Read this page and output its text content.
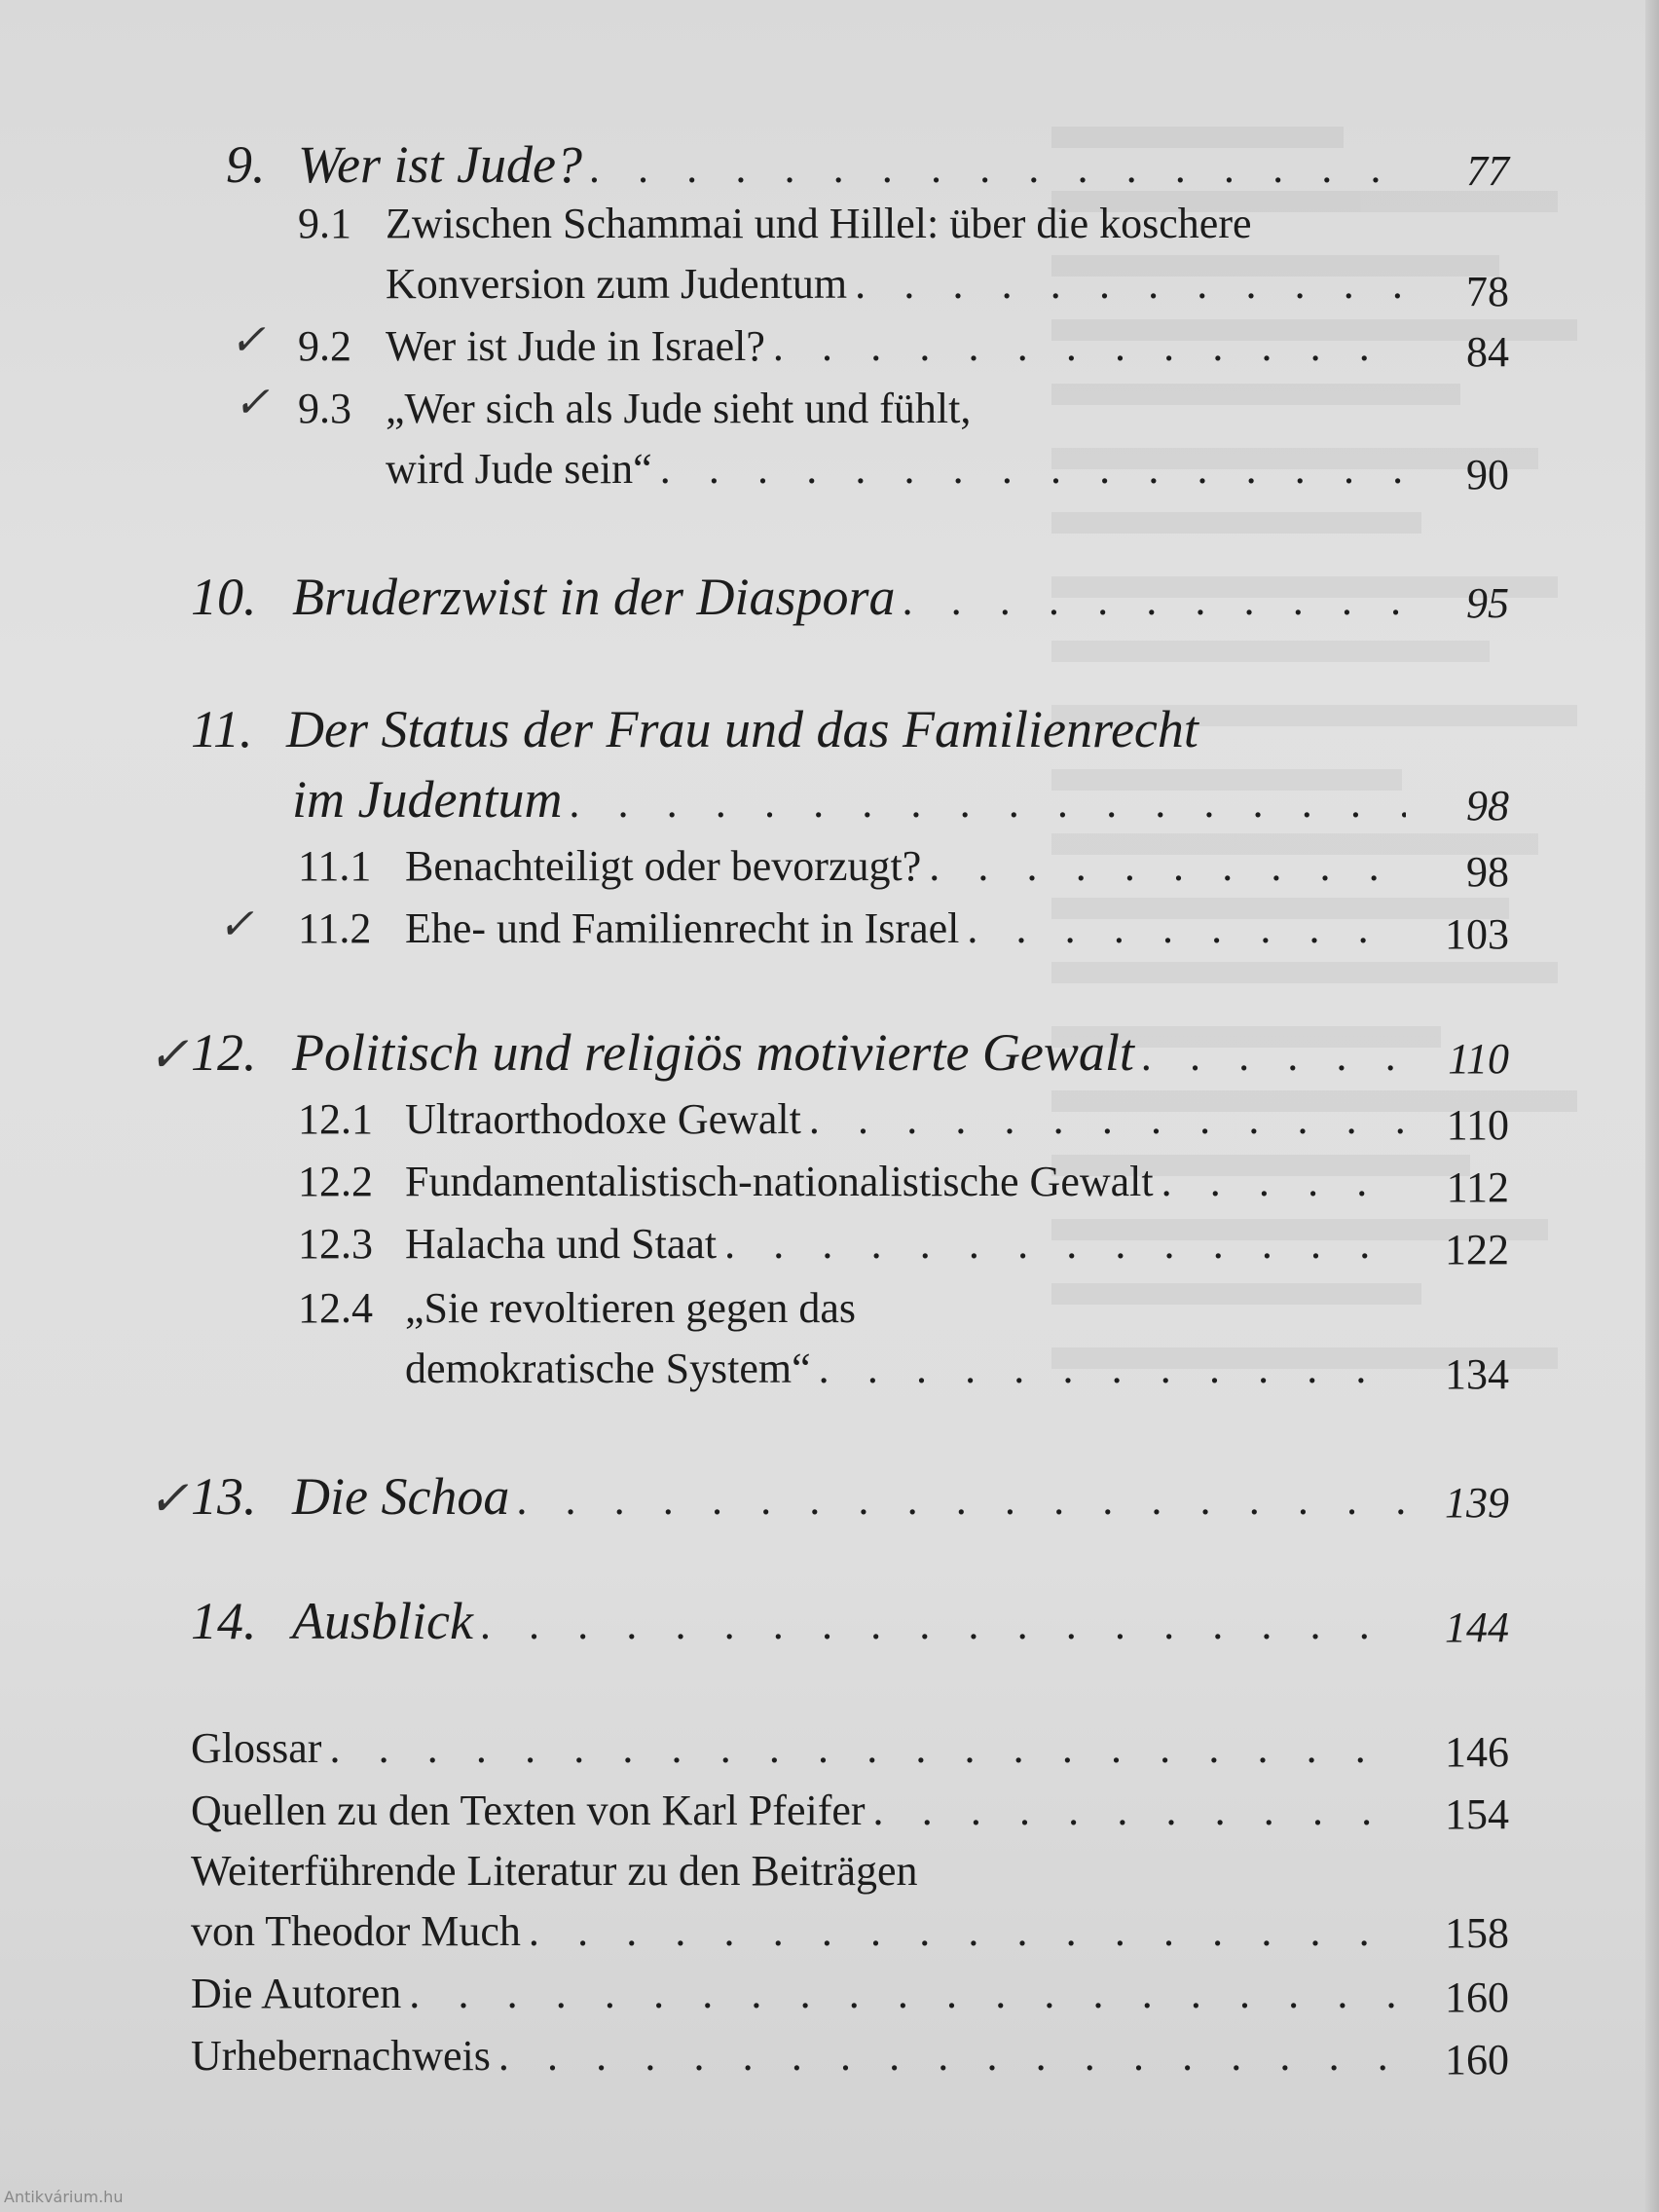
9. Wer ist Jude? . . .	77
9.1 Zwischen Schammai und Hillel: über die koschere
Konversion zum Judentum . . .	78
✓ 9.2 Wer ist Jude in Israel? . . .	84
✓ 9.3 „Wer sich als Jude sieht und fühlt,
wird Jude sein“ . . .	90
10. Bruderzwist in der Diaspora . . .	95
11. Der Status der Frau und das Familienrecht
im Judentum . . .	98
11.1 Benachteiligt oder bevorzugt? . . .	98
✓ 11.2 Ehe- und Familienrecht in Israel . . .	103
✓ 12. Politisch und religiös motivierte Gewalt . . .	110
12.1 Ultraorthodoxe Gewalt . . .	110
12.2 Fundamentalistisch-nationalistische Gewalt . . .	112
12.3 Halacha und Staat . . .	122
12.4 „Sie revoltieren gegen das
demokratische System“ . . .	134
✓ 13. Die Schoa . . .	139
14. Ausblick . . .	144
Glossar . . .	146
Quellen zu den Texten von Karl Pfeifer . . .	154
Weiterführende Literatur zu den Beiträgen
von Theodor Much . . .	158
Die Autoren . . .	160
Urhebernachweis . . .	160
Antikvárium.hu
